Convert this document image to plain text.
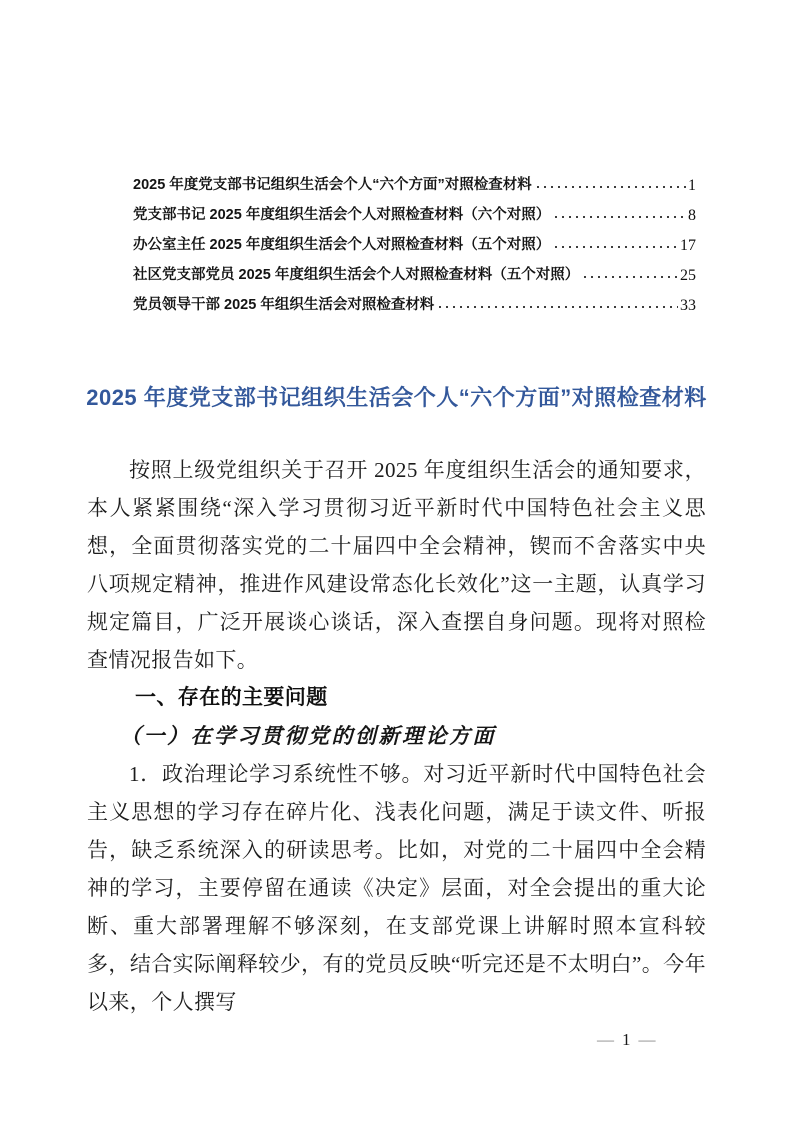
2025 年度党支部书记组织生活会个人“六个方面”对照检查材料	1
党支部书记 2025 年度组织生活会个人对照检查材料（六个对照）	8
办公室主任 2025 年度组织生活会个人对照检查材料（五个对照）	17
社区党支部党员 2025 年度组织生活会个人对照检查材料（五个对照）	25
党员领导干部 2025 年组织生活会对照检查材料	33
2025 年度党支部书记组织生活会个人“六个方面”对照检查材料

按照上级党组织关于召开 2025 年度组织生活会的通知要求，本人紧紧围绕“深入学习贯彻习近平新时代中国特色社会主义思想，全面贯彻落实党的二十届四中全会精神，锲而不舍落实中央八项规定精神，推进作风建设常态化长效化”这一主题，认真学习规定篇目，广泛开展谈心谈话，深入查摆自身问题。现将对照检查情况报告如下。

一、存在的主要问题
（一）在学习贯彻党的创新理论方面

1．政治理论学习系统性不够。对习近平新时代中国特色社会主义思想的学习存在碎片化、浅表化问题，满足于读文件、听报告，缺乏系统深入的研读思考。比如，对党的二十届四中全会精神的学习，主要停留在通读《决定》层面，对全会提出的重大论断、重大部署理解不够深刻，在支部党课上讲解时照本宣科较多，结合实际阐释较少，有的党员反映“听完还是不太明白”。今年以来，个人撰写

— 1 —
